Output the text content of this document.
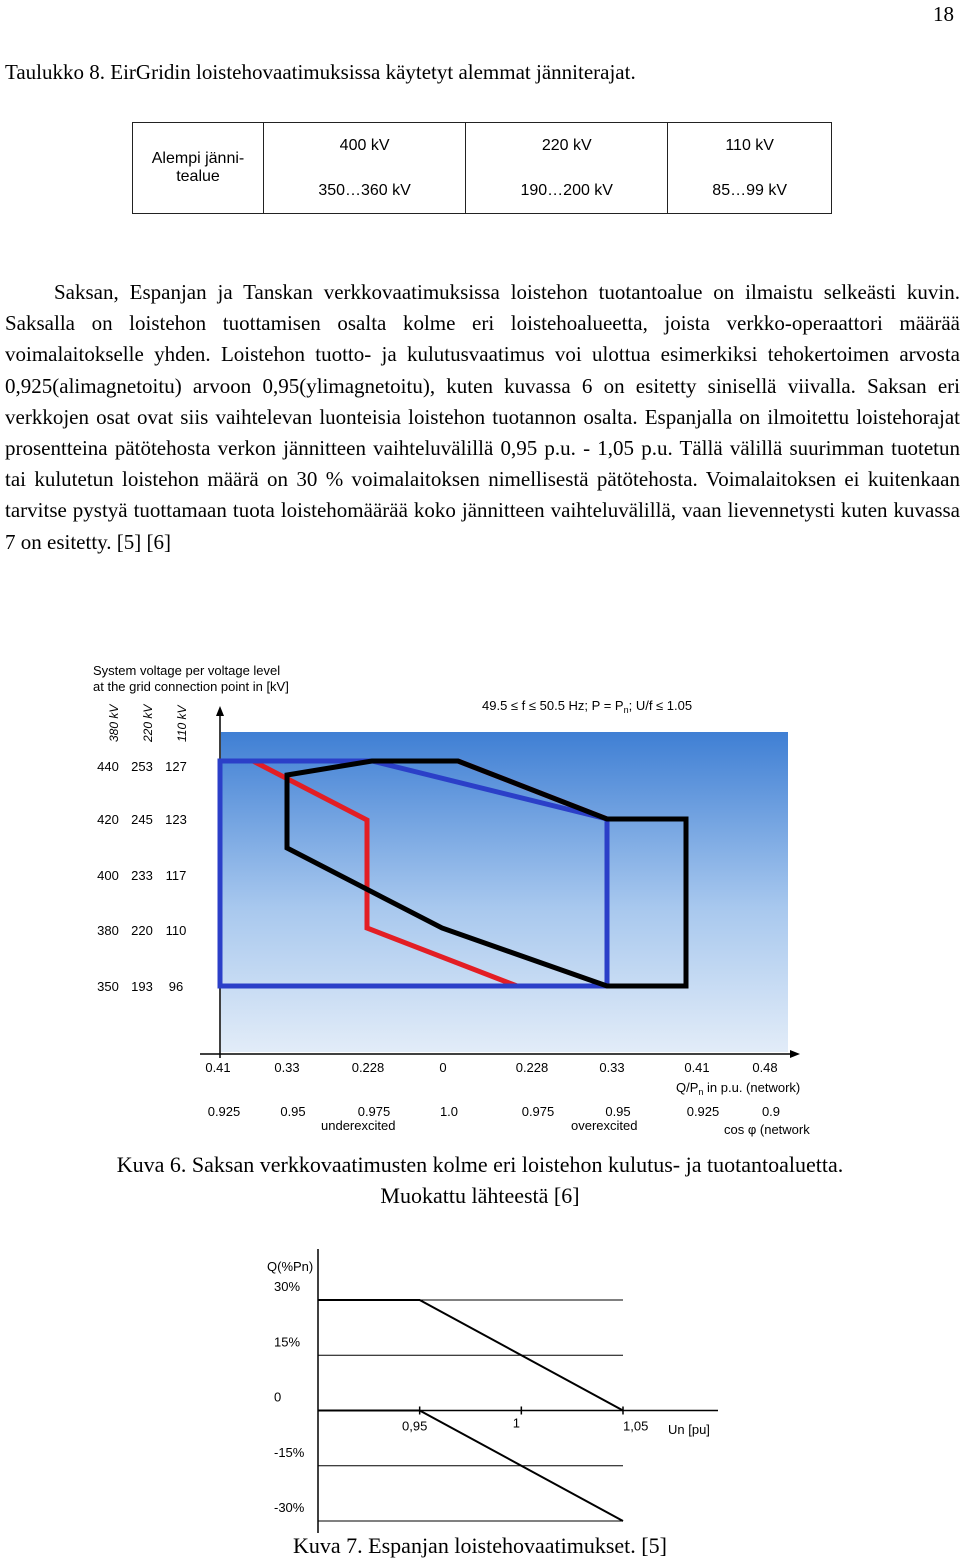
18
Taulukko 8. EirGridin loistehovaatimuksissa käytetyt alemmat jänniterajat.
Alempi jänni-tealue	400 kV	220 kV	110 kV
	350…360 kV	190…200 kV	85…99 kV

Saksan, Espanjan ja Tanskan verkkovaatimuksissa loistehon tuotantoalue on ilmaistu selkeästi kuvin. Saksalla on loistehon tuottamisen osalta kolme eri loistehoalueetta, joista verkko-operaattori määrää voimalaitokselle yhden. Loistehon tuotto- ja kulutusvaatimus voi ulottua esimerkiksi tehokertoimen arvosta 0,925(alimagnetoitu) arvoon 0,95(ylimagnetoitu), kuten kuvassa 6 on esitetty sinisellä viivalla. Saksan eri verkkojen osat ovat siis vaihtelevan luonteisia loistehon tuotannon osalta. Espanjalla on ilmoitettu loistehorajat prosentteina pätötehosta verkon jännitteen vaihteluvälillä 0,95 p.u. - 1,05 p.u. Tällä välillä suurimman tuotetun tai kulutetun loistehon määrä on 30 % voimalaitoksen nimellisestä pätötehosta. Voimalaitoksen ei kuitenkaan tarvitse pystyä tuottamaan tuota loistehomäärää koko jännitteen vaihteluvälillä, vaan lievennetysti kuten kuvassa 7 on esitetty. [5] [6]

System voltage per voltage level
at the grid connection point in [kV]
49.5 ≤ f ≤ 50.5 Hz; $P = P_n$; U/f ≤ 1.05
380 kV 220 kV 110 kV
440 253 127
420 245 123
400 233 117
380 220 110
350 193 96
0.41	0.33	0.228	0	0.228	0.33	0.41	0.48
$Q/P_n$ in p.u. (network)
0.925	0.95	0.975	1.0	0.975	0.95	0.925	0.9
underexcited	overexcited	cos φ (network
Kuva 6. Saksan verkkovaatimusten kolme eri loistehon kulutus- ja tuotantoaluetta.
Muokattu lähteestä [6]
Q(%Pn)
30%
15%
0
-15%
-30%
0,95	1	1,05 Un [pu]
Kuva 7. Espanjan loistehovaatimukset. [5]
